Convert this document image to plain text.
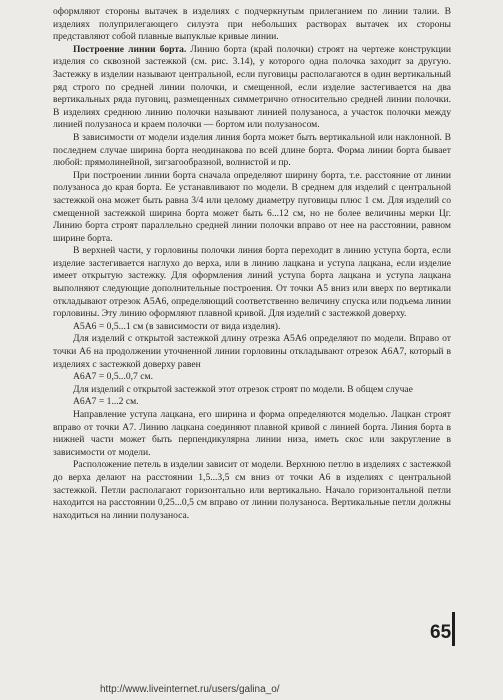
оформляют стороны вытачек в изделиях с подчеркнутым прилеганием по линии талии. В изделиях полуприлегающего силуэта при небольших растворах вытачек их стороны представляют собой плавные выпуклые кривые линии.

Построение линии борта. Линию борта (край полочки) строят на чертеже конструкции изделия со сквозной застежкой (см. рис. 3.14), у которого одна полочка заходит за другую. Застежку в изделии называют центральной, если пуговицы располагаются в один вертикальный ряд строго по средней линии полочки, и смещенной, если изделие застегивается на два вертикальных ряда пуговиц, размещенных симметрично относительно средней линии полочки. В изделиях среднюю линию полочки называют линией полузаноса, а участок полочки между линией полузаноса и краем полочки — бортом или полузаносом.

В зависимости от модели изделия линия борта может быть вертикальной или наклонной. В последнем случае ширина борта неодинакова по всей длине борта. Форма линии борта бывает любой: прямолинейной, зигзагообразной, волнистой и пр.

При построении линии борта сначала определяют ширину борта, т.е. расстояние от линии полузаноса до края борта. Ее устанавливают по модели. В среднем для изделий с центральной застежкой она может быть равна 3/4 или целому диаметру пуговицы плюс 1 см. Для изделий со смещенной застежкой ширина борта может быть 6...12 см, но не более величины мерки Цг. Линию борта строят параллельно средней линии полочки вправо от нее на расстоянии, равном ширине борта.

В верхней части, у горловины полочки линия борта переходит в линию уступа борта, если изделие застегивается наглухо до верха, или в линию лацкана и уступа лацкана, если изделие имеет открытую застежку. Для оформления линий уступа борта лацкана и уступа лацкана выполняют следующие дополнительные построения. От точки А5 вниз или вверх по вертикали откладывают отрезок А5А6, определяющий соответственно величину спуска или подъема линии горловины. Эту линию оформляют плавной кривой. Для изделий с застежкой доверху.

А5А6 = 0,5...1 см (в зависимости от вида изделия).

Для изделий с открытой застежкой длину отрезка А5А6 определяют по модели. Вправо от точки А6 на продолжении уточненной линии горловины откладывают отрезок А6А7, который в изделиях с застежкой доверху равен

А6А7 = 0,5...0,7 см.

Для изделий с открытой застежкой этот отрезок строят по модели. В общем случае

А6А7 = 1...2 см.

Направление уступа лацкана, его ширина и форма определяются моделью. Лацкан строят вправо от точки А7. Линию лацкана соединяют плавной кривой с линией борта. Линия борта в нижней части может быть перпендикулярна линии низа, иметь скос или закругление в зависимости от модели.

Расположение петель в изделии зависит от модели. Верхнюю петлю в изделиях с застежкой до верха делают на расстоянии 1,5...3,5 см вниз от точки А6 в изделиях с центральной застежкой. Петли располагают горизонтально или вертикально. Начало горизонтальной петли находится на расстоянии 0,25...0,5 см вправо от линии полузаноса. Вертикальные петли должны находиться на линии полузаноса.

65
http://www.liveinternet.ru/users/galina_o/
